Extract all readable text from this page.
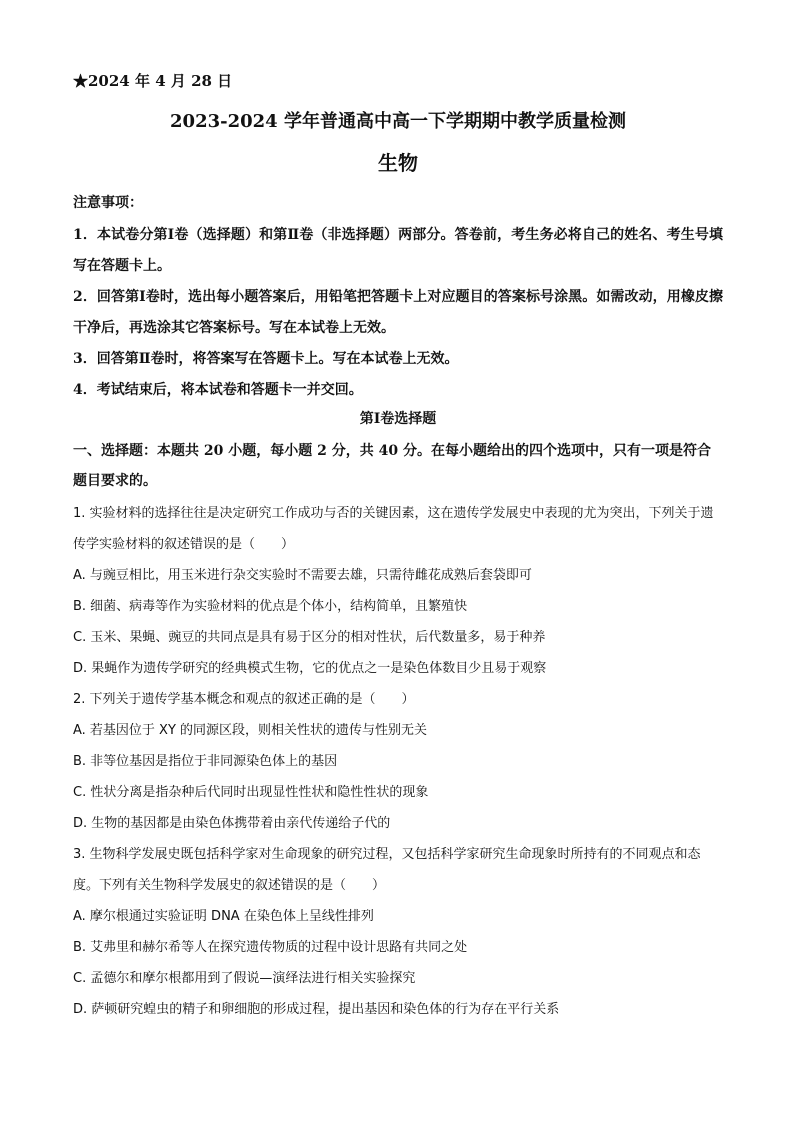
★2024 年 4 月 28 日
2023-2024 学年普通高中高一下学期期中教学质量检测
生物
注意事项：

1．本试卷分第Ⅰ卷（选择题）和第Ⅱ卷（非选择题）两部分。答卷前，考生务必将自己的姓名、考生号填写在答题卡上。

2．回答第Ⅰ卷时，选出每小题答案后，用铅笔把答题卡上对应题目的答案标号涂黑。如需改动，用橡皮擦干净后，再选涂其它答案标号。写在本试卷上无效。

3．回答第Ⅱ卷时，将答案写在答题卡上。写在本试卷上无效。

4．考试结束后，将本试卷和答题卡一并交回。

第Ⅰ卷选择题
一、选择题：本题共 20 小题，每小题 2 分，共 40 分。在每小题给出的四个选项中，只有一项是符合题目要求的。

1. 实验材料的选择往往是决定研究工作成功与否的关键因素，这在遗传学发展史中表现的尤为突出，下列关于遗传学实验材料的叙述错误的是（　　）

A. 与豌豆相比，用玉米进行杂交实验时不需要去雄，只需待雌花成熟后套袋即可

B. 细菌、病毒等作为实验材料的优点是个体小，结构简单，且繁殖快

C. 玉米、果蝇、豌豆的共同点是具有易于区分的相对性状，后代数量多，易于种养

D. 果蝇作为遗传学研究的经典模式生物，它的优点之一是染色体数目少且易于观察

2. 下列关于遗传学基本概念和观点的叙述正确的是（　　）

A. 若基因位于 XY 的同源区段，则相关性状的遗传与性别无关

B. 非等位基因是指位于非同源染色体上的基因

C. 性状分离是指杂种后代同时出现显性性状和隐性性状的现象

D. 生物的基因都是由染色体携带着由亲代传递给子代的

3. 生物科学发展史既包括科学家对生命现象的研究过程，又包括科学家研究生命现象时所持有的不同观点和态度。下列有关生物科学发展史的叙述错误的是（　　）

A. 摩尔根通过实验证明 DNA 在染色体上呈线性排列

B. 艾弗里和赫尔希等人在探究遗传物质的过程中设计思路有共同之处

C. 孟德尔和摩尔根都用到了假说—演绎法进行相关实验探究

D. 萨顿研究蝗虫的精子和卵细胞的形成过程，提出基因和染色体的行为存在平行关系
